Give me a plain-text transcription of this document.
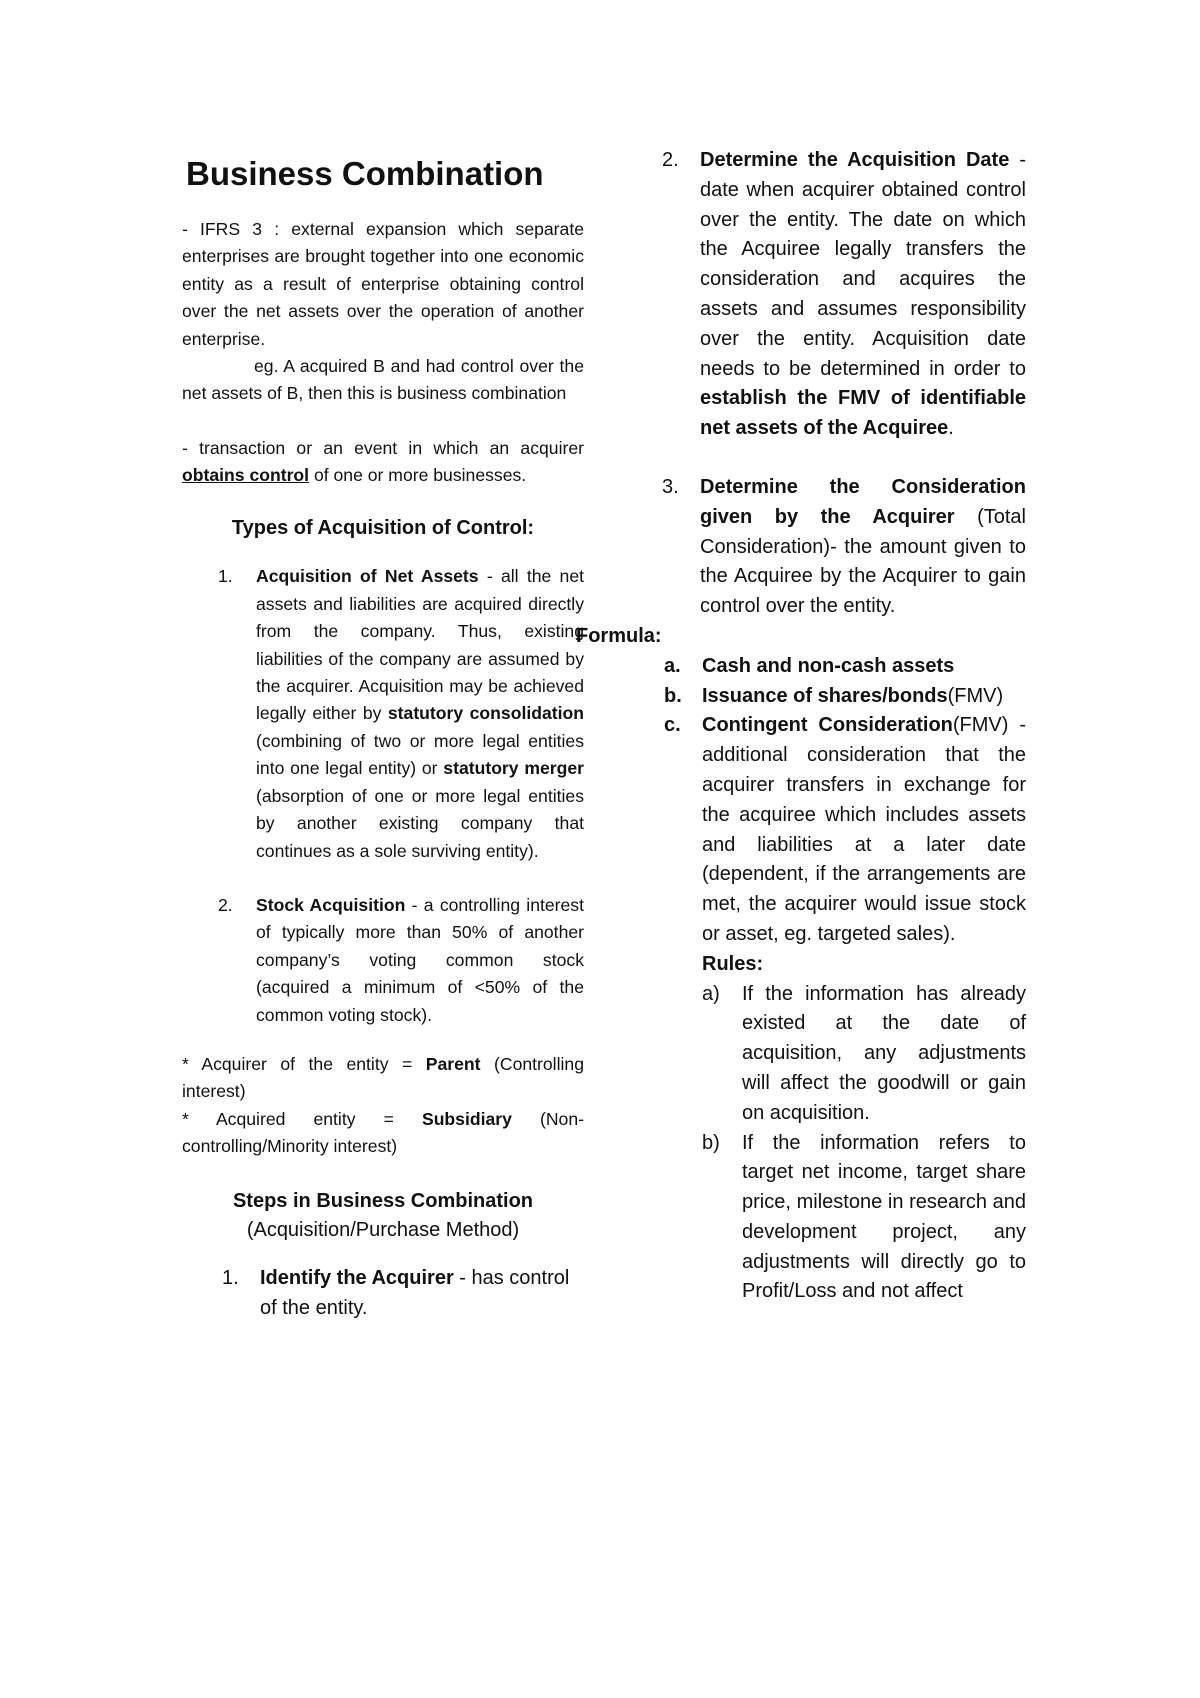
Business Combination

- IFRS 3 : external expansion which separate enterprises are brought together into one economic entity as a result of enterprise obtaining control over the net assets over the operation of another enterprise.

eg. A acquired B and had control over the net assets of B, then this is business combination

- transaction or an event in which an acquirer obtains control of one or more businesses.

Types of Acquisition of Control:

1. Acquisition of Net Assets - all the net assets and liabilities are acquired directly from the company. Thus, existing liabilities of the company are assumed by the acquirer. Acquisition may be achieved legally either by statutory consolidation (combining of two or more legal entities into one legal entity) or statutory merger (absorption of one or more legal entities by another existing company that continues as a sole surviving entity).

2. Stock Acquisition - a controlling interest of typically more than 50% of another company’s voting common stock (acquired a minimum of <50% of the common voting stock).

* Acquirer of the entity = Parent (Controlling interest)

* Acquired entity = Subsidiary (Non-controlling/Minority interest)

Steps in Business Combination

(Acquisition/Purchase Method)

1. Identify the Acquirer - has control of the entity.

2. Determine the Acquisition Date - date when acquirer obtained control over the entity. The date on which the Acquiree legally transfers the consideration and acquires the assets and assumes responsibility over the entity. Acquisition date needs to be determined in order to establish the FMV of identifiable net assets of the Acquiree.

3. Determine the Consideration given by the Acquirer (Total Consideration)- the amount given to the Acquiree by the Acquirer to gain control over the entity.

Formula:

a. Cash and non-cash assets

b. Issuance of shares/bonds(FMV)

c. Contingent Consideration(FMV) - additional consideration that the acquirer transfers in exchange for the acquiree which includes assets and liabilities at a later date (dependent, if the arrangements are met, the acquirer would issue stock or asset, eg. targeted sales).

Rules:

a) If the information has already existed at the date of acquisition, any adjustments will affect the goodwill or gain on acquisition.

b) If the information refers to target net income, target share price, milestone in research and development project, any adjustments will directly go to Profit/Loss and not affect
